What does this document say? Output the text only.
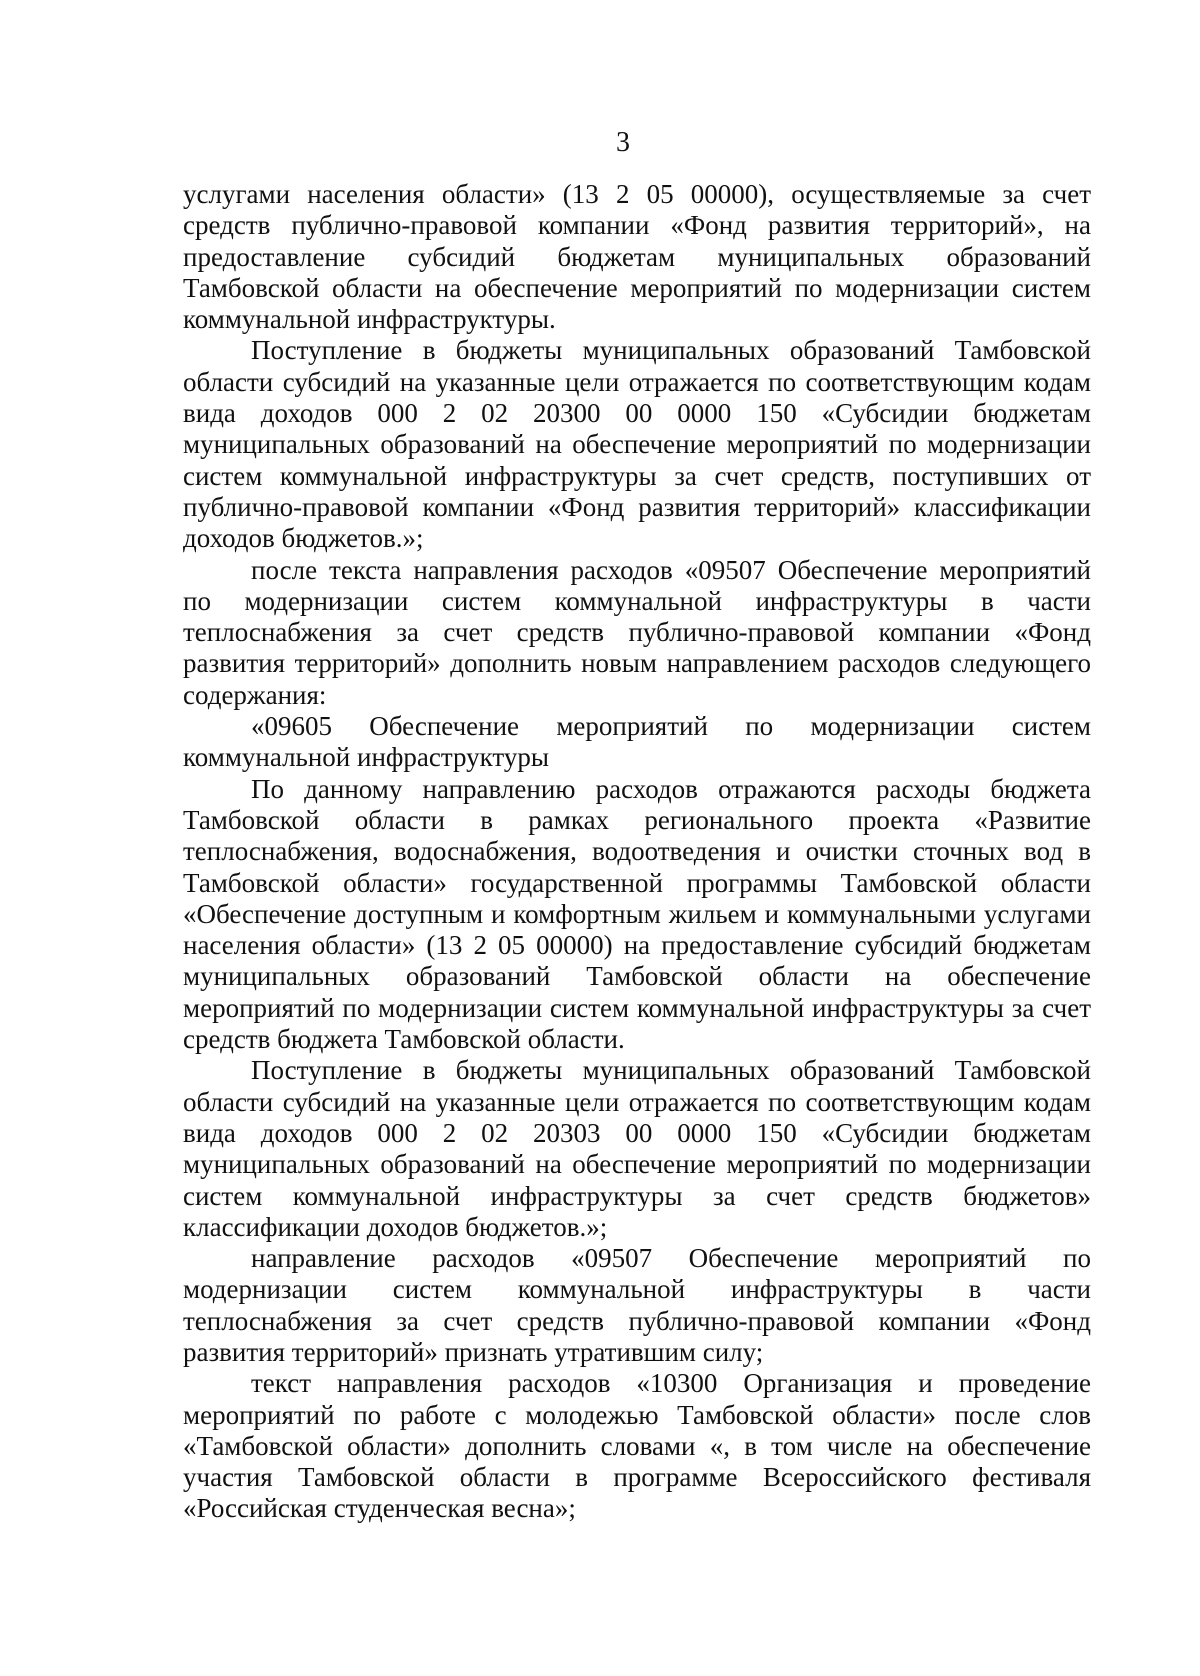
3

услугами населения области» (13 2 05 00000), осуществляемые за счет средств публично-правовой компании «Фонд развития территорий», на предоставление субсидий бюджетам муниципальных образований Тамбовской области на обеспечение мероприятий по модернизации систем коммунальной инфраструктуры.

Поступление в бюджеты муниципальных образований Тамбовской области субсидий на указанные цели отражается по соответствующим кодам вида доходов 000 2 02 20300 00 0000 150 «Субсидии бюджетам муниципальных образований на обеспечение мероприятий по модернизации систем коммунальной инфраструктуры за счет средств, поступивших от публично-правовой компании «Фонд развития территорий» классификации доходов бюджетов.»;

после текста направления расходов «09507 Обеспечение мероприятий по модернизации систем коммунальной инфраструктуры в части теплоснабжения за счет средств публично-правовой компании «Фонд развития территорий» дополнить новым направлением расходов следующего содержания:

«09605 Обеспечение мероприятий по модернизации систем коммунальной инфраструктуры

По данному направлению расходов отражаются расходы бюджета Тамбовской области в рамках регионального проекта «Развитие теплоснабжения, водоснабжения, водоотведения и очистки сточных вод в Тамбовской области» государственной программы Тамбовской области «Обеспечение доступным и комфортным жильем и коммунальными услугами населения области» (13 2 05 00000) на предоставление субсидий бюджетам муниципальных образований Тамбовской области на обеспечение мероприятий по модернизации систем коммунальной инфраструктуры за счет средств бюджета Тамбовской области.

Поступление в бюджеты муниципальных образований Тамбовской области субсидий на указанные цели отражается по соответствующим кодам вида доходов 000 2 02 20303 00 0000 150 «Субсидии бюджетам муниципальных образований на обеспечение мероприятий по модернизации систем коммунальной инфраструктуры за счет средств бюджетов» классификации доходов бюджетов.»;

направление расходов «09507 Обеспечение мероприятий по модернизации систем коммунальной инфраструктуры в части теплоснабжения за счет средств публично-правовой компании «Фонд развития территорий» признать утратившим силу;

текст направления расходов «10300 Организация и проведение мероприятий по работе с молодежью Тамбовской области» после слов «Тамбовской области» дополнить словами «, в том числе на обеспечение участия Тамбовской области в программе Всероссийского фестиваля «Российская студенческая весна»;
